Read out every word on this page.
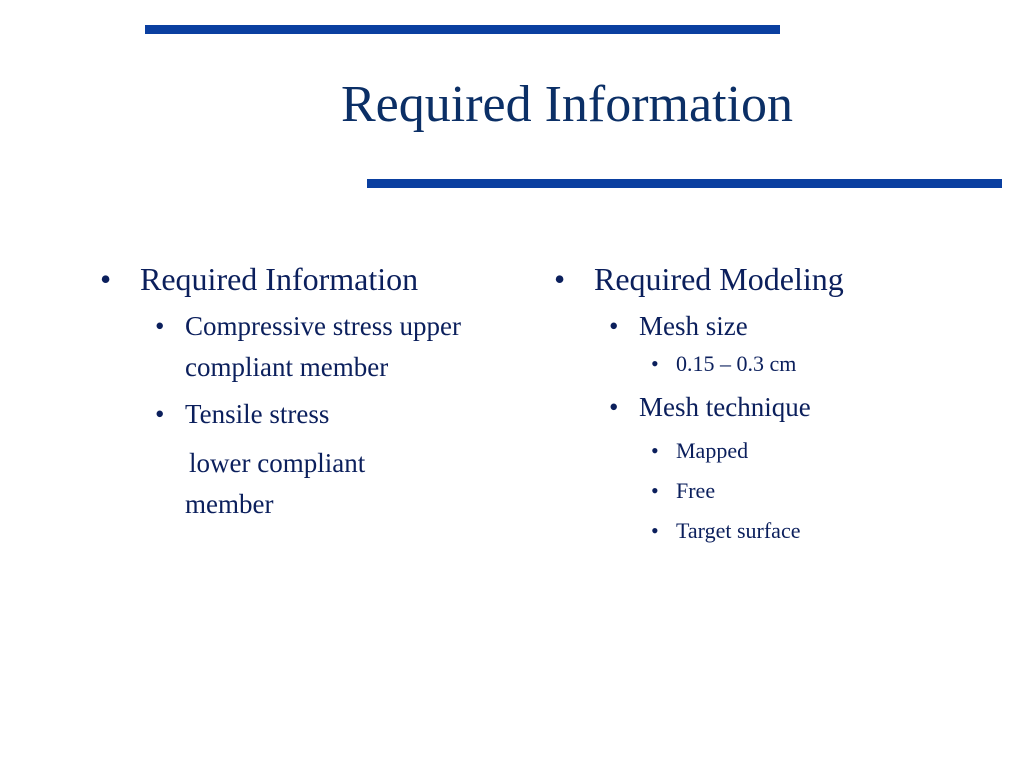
Required Information
• Required Information
• Compressive stress upper compliant member
• Tensile stress
lower compliant member
• Required Modeling
• Mesh size
• 0.15 – 0.3 cm
• Mesh technique
• Mapped
• Free
• Target surface
